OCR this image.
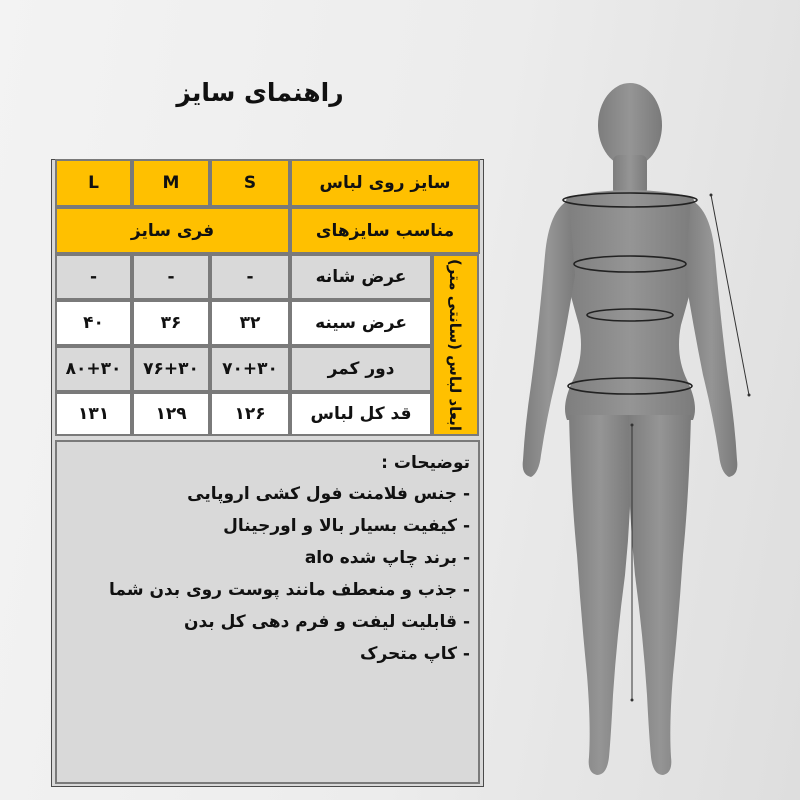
راهنمای سایز
L	M	S	سایز روی لباس
فری سایز	مناسب سایزهای
ابعاد لباس (سانتی متر)
-	-	-	عرض شانه
۴۰	۳۶	۳۲	عرض سینه
۸۰+۳۰	۷۶+۳۰	۷۰+۳۰	دور کمر
۱۳۱	۱۲۹	۱۲۶	قد کل لباس
توضیحات :
- جنس فلامنت فول کشی اروپایی
- کیفیت بسیار بالا و اورجینال
- برند چاپ شده alo
- جذب و منعطف مانند پوست روی بدن شما
- قابلیت لیفت و فرم دهی کل بدن
- کاپ متحرک
